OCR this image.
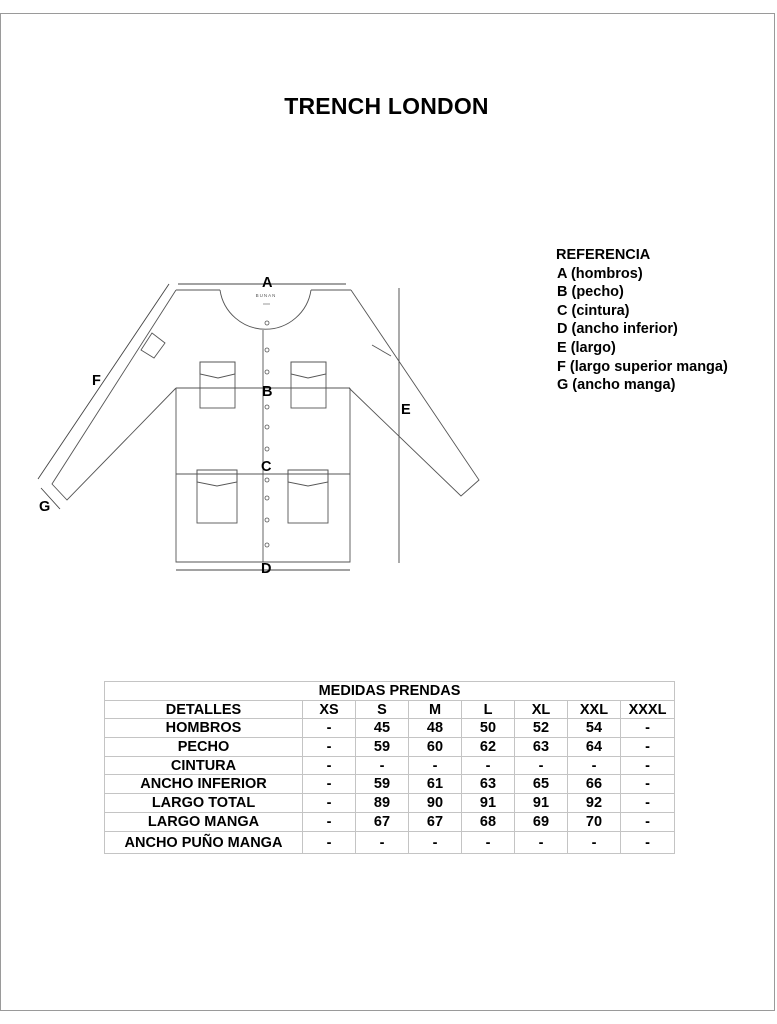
TRENCH LONDON
BUNAN
A
B
C
D
E
F
G
REFERENCIA
A (hombros)
B (pecho)
C (cintura)
D (ancho inferior)
E (largo)
F (largo superior manga)
G (ancho manga)
MEDIDAS PRENDAS							
DETALLES	XS	S	M	L	XL	XXL	XXXL
HOMBROS	-	45	48	50	52	54	-
PECHO	-	59	60	62	63	64	-
CINTURA	-	-	-	-	-	-	-
ANCHO INFERIOR	-	59	61	63	65	66	-
LARGO TOTAL	-	89	90	91	91	92	-
LARGO MANGA	-	67	67	68	69	70	-
ANCHO PUÑO MANGA	-	-	-	-	-	-	-
